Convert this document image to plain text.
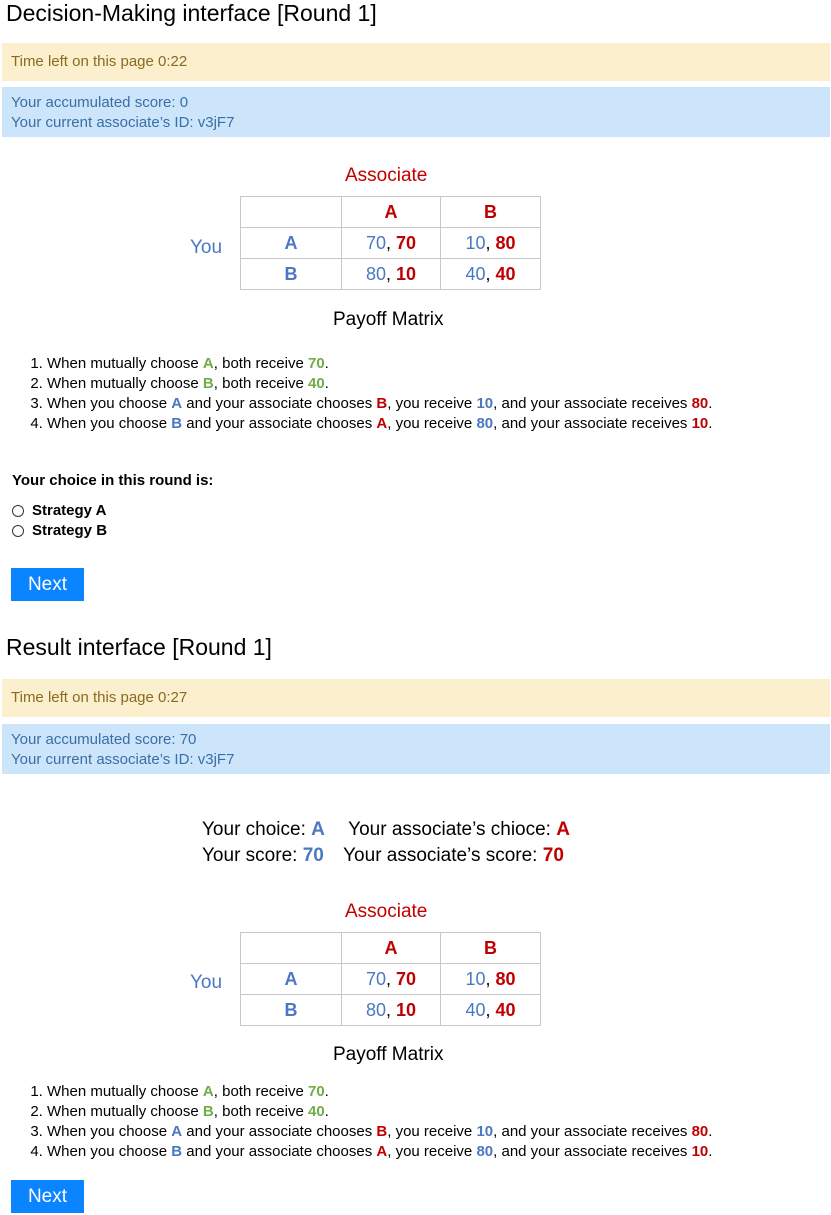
Decision-Making interface [Round 1]
Time left on this page 0:22
Your accumulated score: 0
Your current associate’s ID: v3jF7
Associate
You
	A	B
A	70, 70	10, 80
B	80, 10	40, 40
Payoff Matrix
1. When mutually choose A, both receive 70.
2. When mutually choose B, both receive 40.
3. When you choose A and your associate chooses B, you receive 10, and your associate receives 80.
4. When you choose B and your associate chooses A, you receive 80, and your associate receives 10.
Your choice in this round is:
Strategy A
Strategy B
Next
Result interface [Round 1]
Time left on this page 0:27
Your accumulated score: 70
Your current associate’s ID: v3jF7
Your choice: A Your associate’s chioce: A
Your score: 70 Your associate’s score: 70
Associate
You
	A	B
A	70, 70	10, 80
B	80, 10	40, 40
Payoff Matrix
1. When mutually choose A, both receive 70.
2. When mutually choose B, both receive 40.
3. When you choose A and your associate chooses B, you receive 10, and your associate receives 80.
4. When you choose B and your associate chooses A, you receive 80, and your associate receives 10.
Next
